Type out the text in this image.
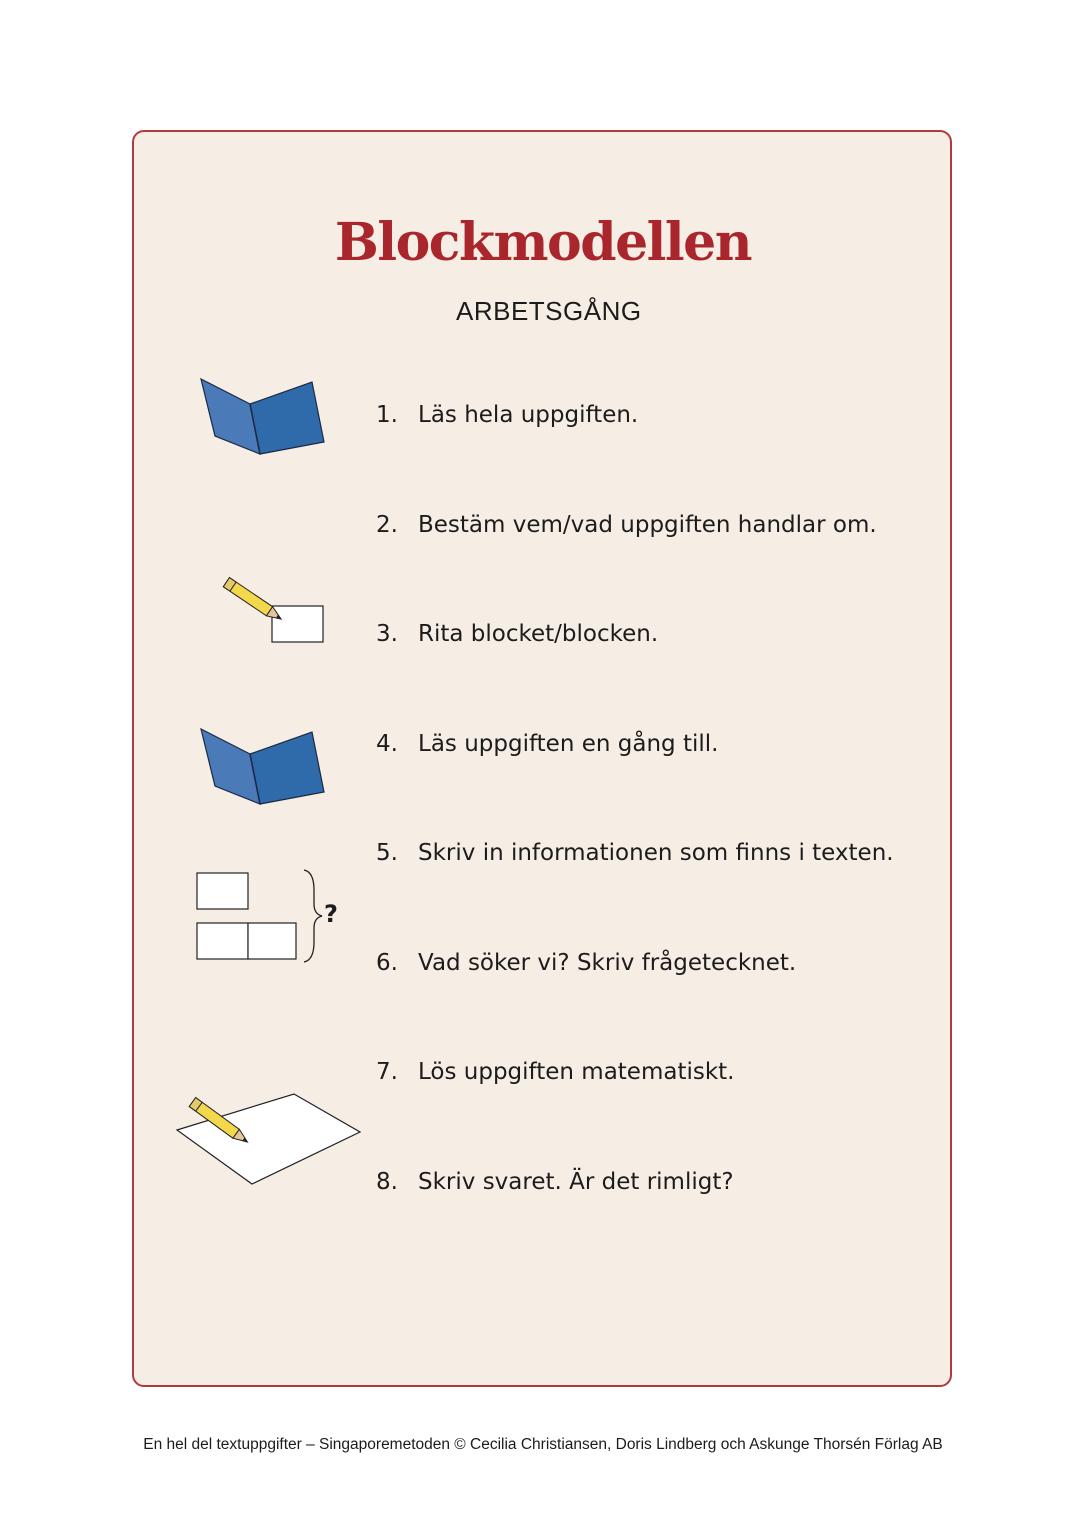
Blockmodellen
ARBETSGÅNG
?
1. Läs hela uppgiften.
2. Bestäm vem/vad uppgiften handlar om.
3. Rita blocket/blocken.
4. Läs uppgiften en gång till.
5. Skriv in informationen som finns i texten.
6. Vad söker vi? Skriv frågetecknet.
7. Lös uppgiften matematiskt.
8. Skriv svaret. Är det rimligt?
En hel del textuppgifter – Singaporemetoden © Cecilia Christiansen, Doris Lindberg och Askunge Thorsén Förlag AB
